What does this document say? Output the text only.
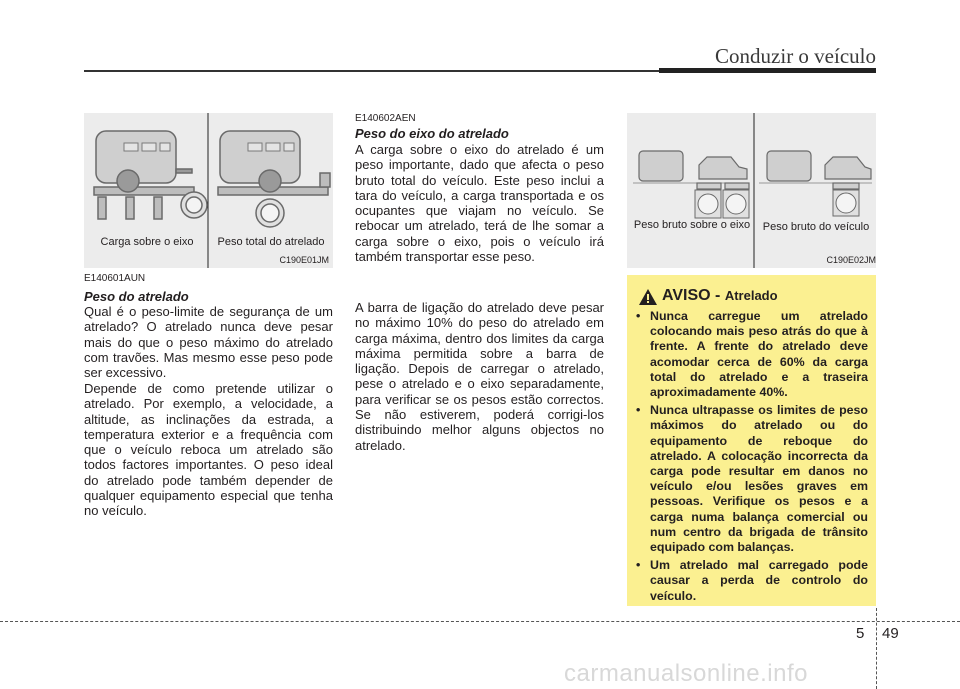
Conduzir o veículo
Carga sobre o eixo	Peso total do atrelado
C190E01JM
Peso bruto sobre o eixo	Peso bruto do veículo
C190E02JM
E140601AUN
Peso do atrelado

Qual é o peso-limite de segurança de um atrelado? O atrelado nunca deve pesar mais do que o peso máximo do atrelado com travões. Mas mesmo esse peso pode ser excessivo.

Depende de como pretende utilizar o atrelado. Por exemplo, a velocidade, a altitude, as inclinações da estrada, a temperatura exterior e a frequência com que o veículo reboca um atrelado são todos factores importantes. O peso ideal do atrelado pode também depender de qualquer equipamento especial que tenha no veículo.

E140602AEN
Peso do eixo do atrelado

A carga sobre o eixo do atrelado é um peso importante, dado que afecta o peso bruto total do veículo. Este peso inclui a tara do veículo, a carga transportada e os ocupantes que viajam no veículo. Se rebocar um atrelado, terá de lhe somar a carga sobre o eixo, pois o veículo irá também transportar esse peso.

A barra de ligação do atrelado deve pesar no máximo 10% do peso do atrelado em carga máxima, dentro dos limites da carga máxima permitida sobre a barra de ligação. Depois de carregar o atrelado, pese o atrelado e o eixo separadamente, para verificar se os pesos estão correctos. Se não estiverem, poderá corrigi-los distribuindo melhor alguns objectos no atrelado.

AVISO - Atrelado
• Nunca carregue um atrelado colocando mais peso atrás do que à frente. A frente do atrelado deve acomodar cerca de 60% da carga total do atrelado e a traseira aproximadamente 40%.
• Nunca ultrapasse os limites de peso máximos do atrelado ou do equipamento de reboque do atrelado. A colocação incorrecta da carga pode resultar em danos no veículo e/ou lesões graves em pessoas. Verifique os pesos e a carga numa balança comercial ou num centro da brigada de trânsito equipado com balanças.
• Um atrelado mal carregado pode causar a perda de controlo do veículo.
5 49
carmanualsonline.info
